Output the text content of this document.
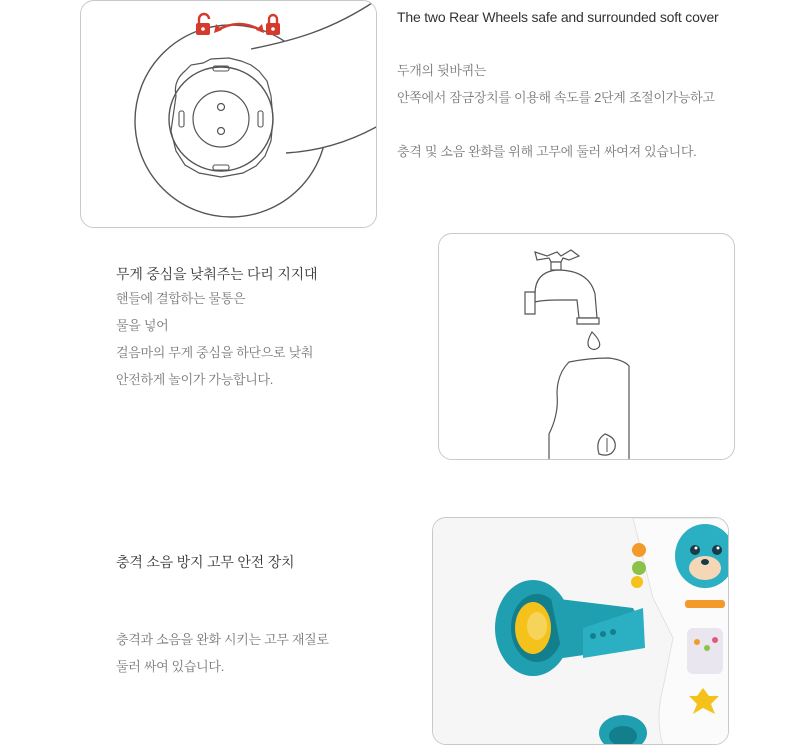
The two Rear Wheels safe and surrounded soft cover

두개의 뒷바퀴는
안쪽에서 잠금장치를 이용해 속도를 2단계 조절이가능하고
충격 및 소음 완화를 위해 고무에 둘러 싸여져 있습니다.

무게 중심을 낮춰주는 다리 지지대

핸들에 결합하는 물통은
물을 넣어
걸음마의 무게 중심을 하단으로 낮춰
안전하게 놀이가 가능합니다.

충격 소음 방지 고무 안전 장치

충격과 소음을 완화 시키는 고무 재질로
둘러 싸여 있습니다.
